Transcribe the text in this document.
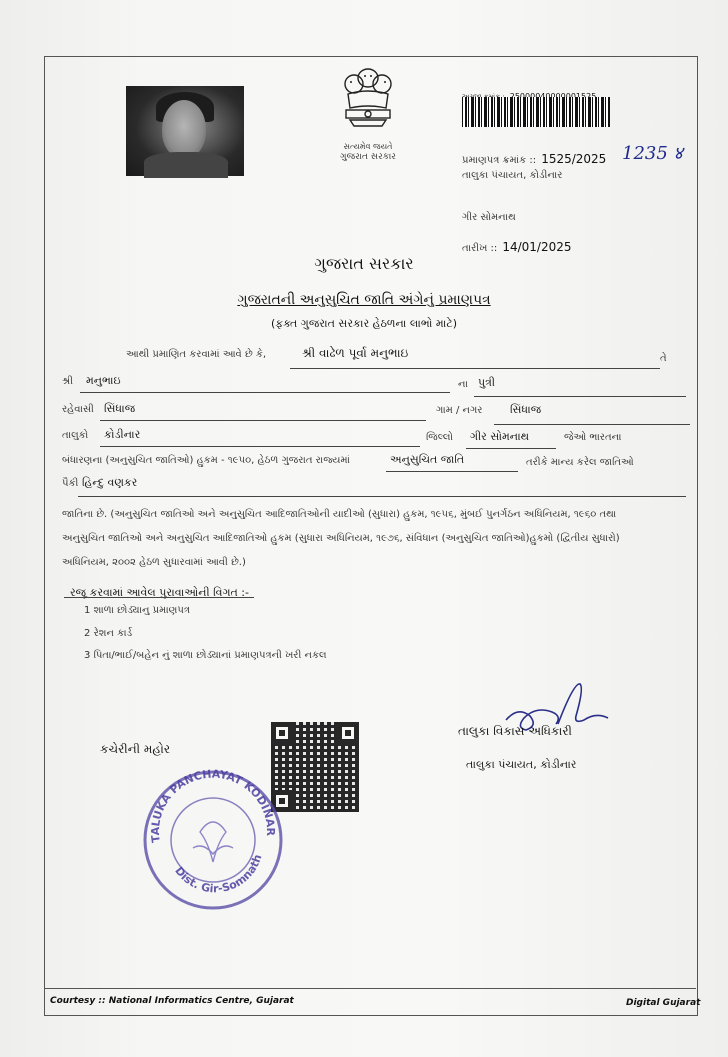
સત્યમેવ જયતે
ગુજરાત સરકાર	પ્રમાણપત્ર ક્રમાંક :: 1525/2025 1235 ४
તાલુકા પંચાયત, કોડીનાર
ગીર સોમનાથ
તારીખ :: 14/01/2025
ગુજરાત સરકાર
ગુજરાતની અનુસુચિત જાતિ અંગેનું પ્રમાણપત્ર
(ફક્ત ગુજરાત સરકાર હેઠળના લાભો માટે)
આથી પ્રમાણિત કરવામાં આવે છે કે,	શ્રી વાઢેળ પૂર્વા મનુભાઇ	તે
શ્રી મનુભાઇ	ના પુત્રી
રહેવાસી સિંધાજ	ગામ / નગર	સિંધાજ
તાલુકો કોડીનાર	જિલ્લો ગીર સોમનાથ	જેઓ ભારતના
બંધારણના (અનુસુચિત જાતિઓ) હુકમ - ૧૯૫૦, હેઠળ ગુજરાત રાજ્યમાં	અનુસુચિત જાતિ	તરીકે માન્ય કરેલ જાતિઓ
પૈકી હિન્દુ વણકર
જાતિના છે. (અનુસુચિત જાતિઓ અને અનુસુચિત આદિજાતિઓની યાદીઓ (સુધારા) હુકમ, ૧૯૫૬, મુંબઈ પુનર્ગઠન અધિનિયમ, ૧૯૬૦ તથા
અનુસુચિત જાતિઓ અને અનુસુચિત આદિજાતિઓ હુકમ (સુધારા અધિનિયમ, ૧૯૭૬, સંવિધાન (અનુસુચિત જાતિઓ)હુકમો (દ્વિતીય સુધારો)
અધિનિયમ, ૨૦૦૨ હેઠળ સુધારવામાં આવી છે.)
રજૂ કરવામાં આવેલ પુરાવાઓની વિગત :-
1 શાળા છોડ્યાનુ પ્રમાણપત્ર
2 રેશન કાર્ડ
3 પિતા/ભાઈ/બહેન નું શાળા છોડ્યાનાં પ્રમાણપત્રની ખરી નકલ
કચેરીની મહોર
તાલુકા વિકાસ અધિકારી
તાલુકા પંચાયત, કોડીનાર
TALUKA PANCHAYAT KODINAR
Dist. Gir-Somnath
Courtesy :: National Informatics Centre, Gujarat	Digital Gujarat
